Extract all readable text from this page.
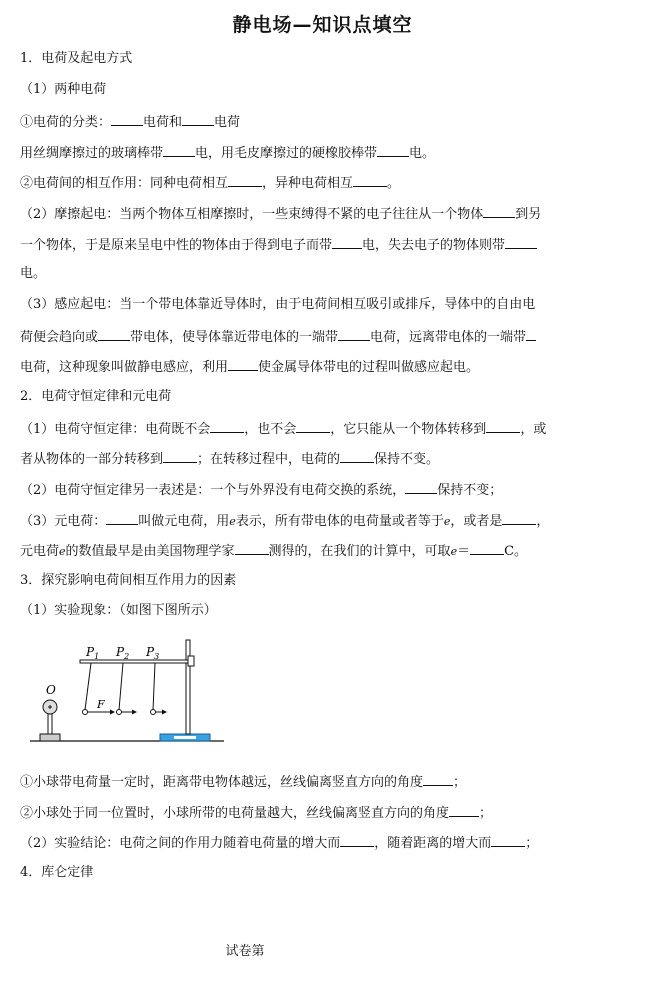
静电场—知识点填空
1．电荷及起电方式
（1）两种电荷
①电荷的分类： 电荷和 电荷
用丝绸摩擦过的玻璃棒带 电，用毛皮摩擦过的硬橡胶棒带 电。
②电荷间的相互作用：同种电荷相互	，异种电荷相互	。
（2）摩擦起电：当两个物体互相摩擦时，一些束缚得不紧的电子往往从一个物体 到另
一个物体，于是原来呈电中性的物体由于得到电子而带 电，失去电子的物体则带
电。
（3）感应起电：当一个带电体靠近导体时，由于电荷间相互吸引或排斥，导体中的自由电
荷便会趋向或 带电体，使导体靠近带电体的一端带 电荷，远离带电体的一端带
电荷，这种现象叫做静电感应，利用 使金属导体带电的过程叫做感应起电。
2．电荷守恒定律和元电荷
（1）电荷守恒定律：电荷既不会	，也不会	，它只能从一个物体转移到	，或
者从物体的一部分转移到	；在转移过程中，电荷的	保持不变。
（2）电荷守恒定律另一表述是：一个与外界没有电荷交换的系统， 保持不变；
（3）元电荷： 叫做元电荷，用e表示，所有带电体的电荷量或者等于e，或者是	，
元电荷e的数值最早是由美国物理学家	测得的，在我们的计算中，可取e＝	C。
3．探究影响电荷间相互作用力的因素
（1）实验现象：（如图下图所示）
O
$P_1$ $P_2$ $P_3$
F
①小球带电荷量一定时，距离带电物体越远，丝线偏离竖直方向的角度 ；
②小球处于同一位置时，小球所带的电荷量越大，丝线偏离竖直方向的角度 ；
（2）实验结论：电荷之间的作用力随着电荷量的增大而	，随着距离的增大而	；
4．库仑定律
试卷第
